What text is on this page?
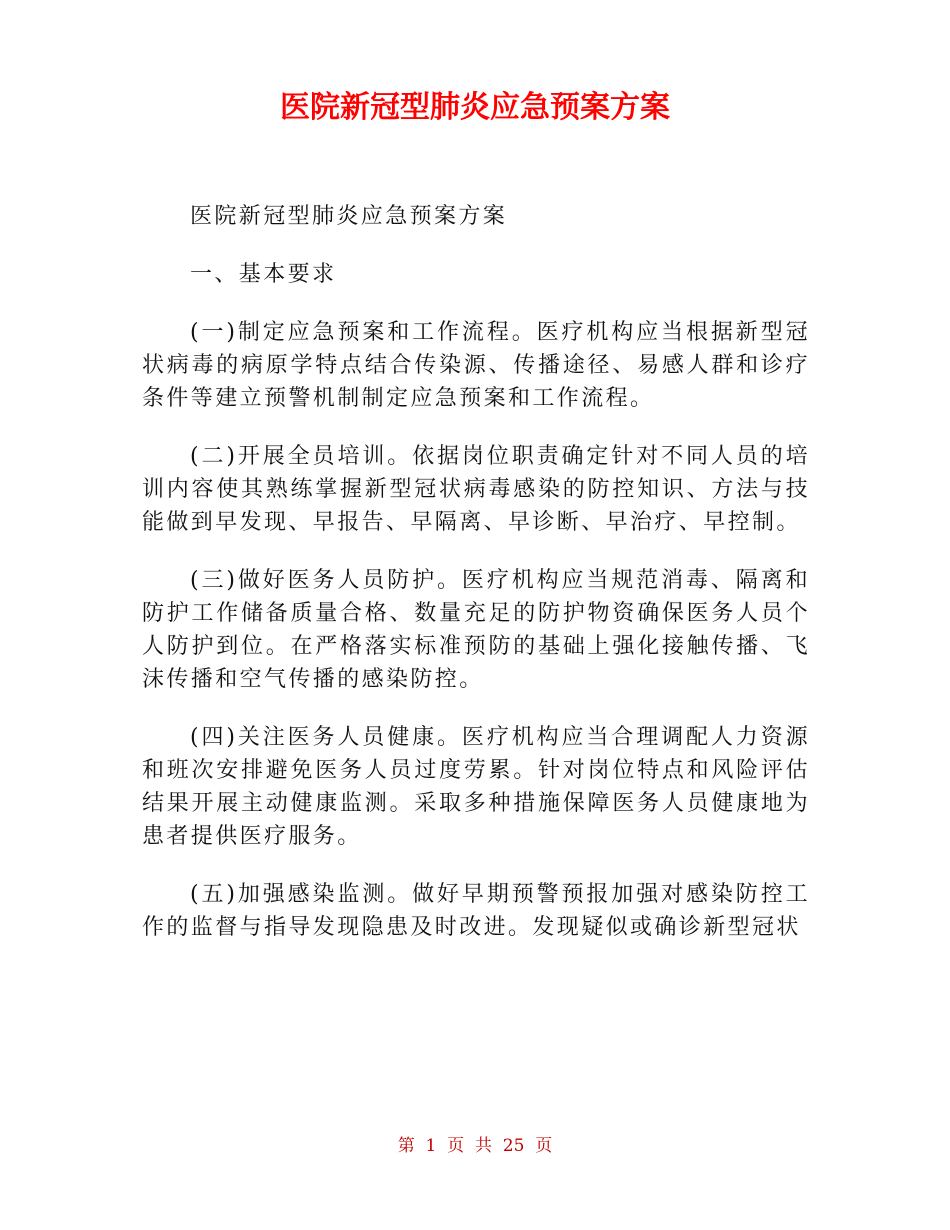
医院新冠型肺炎应急预案方案

医院新冠型肺炎应急预案方案

一、基本要求

(一)制定应急预案和工作流程。医疗机构应当根据新型冠状病毒的病原学特点结合传染源、传播途径、易感人群和诊疗条件等建立预警机制制定应急预案和工作流程。

(二)开展全员培训。依据岗位职责确定针对不同人员的培训内容使其熟练掌握新型冠状病毒感染的防控知识、方法与技能做到早发现、早报告、早隔离、早诊断、早治疗、早控制。

(三)做好医务人员防护。医疗机构应当规范消毒、隔离和防护工作储备质量合格、数量充足的防护物资确保医务人员个人防护到位。在严格落实标准预防的基础上强化接触传播、飞沫传播和空气传播的感染防控。

(四)关注医务人员健康。医疗机构应当合理调配人力资源和班次安排避免医务人员过度劳累。针对岗位特点和风险评估结果开展主动健康监测。采取多种措施保障医务人员健康地为患者提供医疗服务。

(五)加强感染监测。做好早期预警预报加强对感染防控工作的监督与指导发现隐患及时改进。发现疑似或确诊新型冠状

第  1  页  共  25  页
